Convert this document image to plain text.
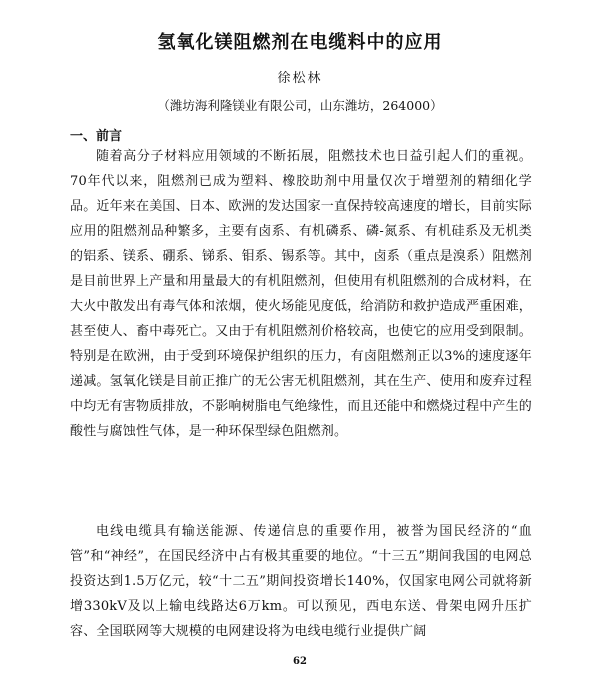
氢氧化镁阻燃剂在电缆料中的应用
徐松林
（潍坊海利隆镁业有限公司，山东潍坊，264000）
一、前言

随着高分子材料应用领域的不断拓展，阻燃技术也日益引起人们的重视。70年代以来，阻燃剂已成为塑料、橡胶助剂中用量仅次于增塑剂的精细化学品。近年来在美国、日本、欧洲的发达国家一直保持较高速度的增长，目前实际应用的阻燃剂品种繁多，主要有卤系、有机磷系、磷-氮系、有机硅系及无机类的铝系、镁系、硼系、锑系、钼系、锡系等。其中，卤系（重点是溴系）阻燃剂是目前世界上产量和用量最大的有机阻燃剂，但使用有机阻燃剂的合成材料，在大火中散发出有毒气体和浓烟，使火场能见度低，给消防和救护造成严重困难，甚至使人、畜中毒死亡。又由于有机阻燃剂价格较高，也使它的应用受到限制。特别是在欧洲，由于受到环境保护组织的压力，有卤阻燃剂正以3%的速度逐年递减。氢氧化镁是目前正推广的无公害无机阻燃剂，其在生产、使用和废弃过程中均无有害物质排放，不影响树脂电气绝缘性，而且还能中和燃烧过程中产生的酸性与腐蚀性气体，是一种环保型绿色阻燃剂。

电线电缆具有输送能源、传递信息的重要作用，被誉为国民经济的“血管”和“神经”，在国民经济中占有极其重要的地位。“十三五”期间我国的电网总投资达到1.5万亿元，较“十二五”期间投资增长140%，仅国家电网公司就将新增330kV及以上输电线路达6万km。可以预见，西电东送、骨架电网升压扩容、全国联网等大规模的电网建设将为电线电缆行业提供广阔

62
